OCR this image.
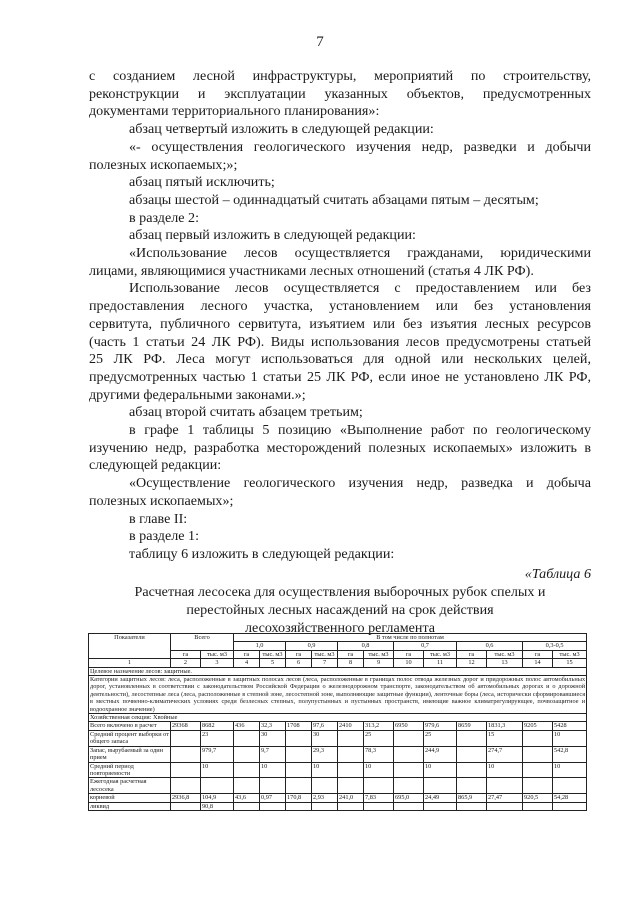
7

с созданием лесной инфраструктуры, мероприятий по строительству,

реконструкции и эксплуатации указанных объектов, предусмотренных

документами территориального планирования»:

абзац четвертый изложить в следующей редакции:

«- осуществления геологического изучения недр, разведки и добычи

полезных ископаемых;»;

абзац пятый исключить;

абзацы шестой – одиннадцатый считать абзацами пятым – десятым;

в разделе 2:

абзац первый изложить в следующей редакции:

«Использование лесов осуществляется гражданами, юридическими

лицами, являющимися участниками лесных отношений (статья 4 ЛК РФ).

Использование лесов осуществляется с предоставлением или без

предоставления лесного участка, установлением или без установления

сервитута, публичного сервитута, изъятием или без изъятия лесных ресурсов

(часть 1 статьи 24 ЛК РФ). Виды использования лесов предусмотрены статьей

25 ЛК РФ. Леса могут использоваться для одной или нескольких целей,

предусмотренных частью 1 статьи 25 ЛК РФ, если иное не установлено ЛК РФ,

другими федеральными законами.»;

абзац второй считать абзацем третьим;

в графе 1 таблицы 5 позицию «Выполнение работ по геологическому

изучению недр, разработка месторождений полезных ископаемых» изложить в

следующей редакции:

«Осуществление геологического изучения недр, разведка и добыча

полезных ископаемых»;

в главе II:

в разделе 1:

таблицу 6 изложить в следующей редакции:

«Таблица 6

Расчетная лесосека для осуществления выборочных рубок спелых и
перестойных лесных насаждений на срок действия
лесохозяйственного регламента
Показатели	Всего		В том числе по полнотам											
			1,0		0,9		0,8		0,7		0,6		0,3-0,5	
	га	тыс. м3	га	тыс. м3	га	тыс. м3	га	тыс. м3	га	тыс. м3	га	тыс. м3	га	тыс. м3
1	2	3	4	5	6	7	8	9	10	11	12	13	14	15
Целевое назначение лесов: защитные.														
Категории защитных лесов: леса, расположенные в защитных полосах лесов (леса, расположенные в границах полос отвода железных дорог и придорожных полос автомобильных дорог, установленных в соответствии с законодательством Российской Федерации о железнодорожном транспорте, законодательством об автомобильных дорогах и о дорожной деятельности), лесостепные леса (леса, расположенные в степной зоне, лесостепной зоне, выполняющие защитные функции), ленточные боры (леса, исторически сформировавшиеся в местных почвенно-климатических условиях среди безлесных степных, полупустынных и пустынных пространств, имеющие важное климатрегулирующее, почвозащитное и водоохранное значение)														
Хозяйственная секция: Хвойные														
Всего включено в расчет	29368	8682	436	32,3	1708	97,6	2410	313,2	6950	979,6	8659	1831,3	9205	5428
Средний процент выборки от общего запаса		23		30		30		25		25		15		10
Запас, вырубаемый за один прием		979,7		9,7		29,3		78,3		244,9		274,7		542,8
Средний период повторяемости		10		10		10		10		10		10		10
Ежегодная расчетная лесосека														
корневой	2936,8	104,9	43,6	0,97	170,8	2,93	241,0	7,83	695,0	24,49	865,9	27,47	920,5	54,28
ликвид		90,8												
